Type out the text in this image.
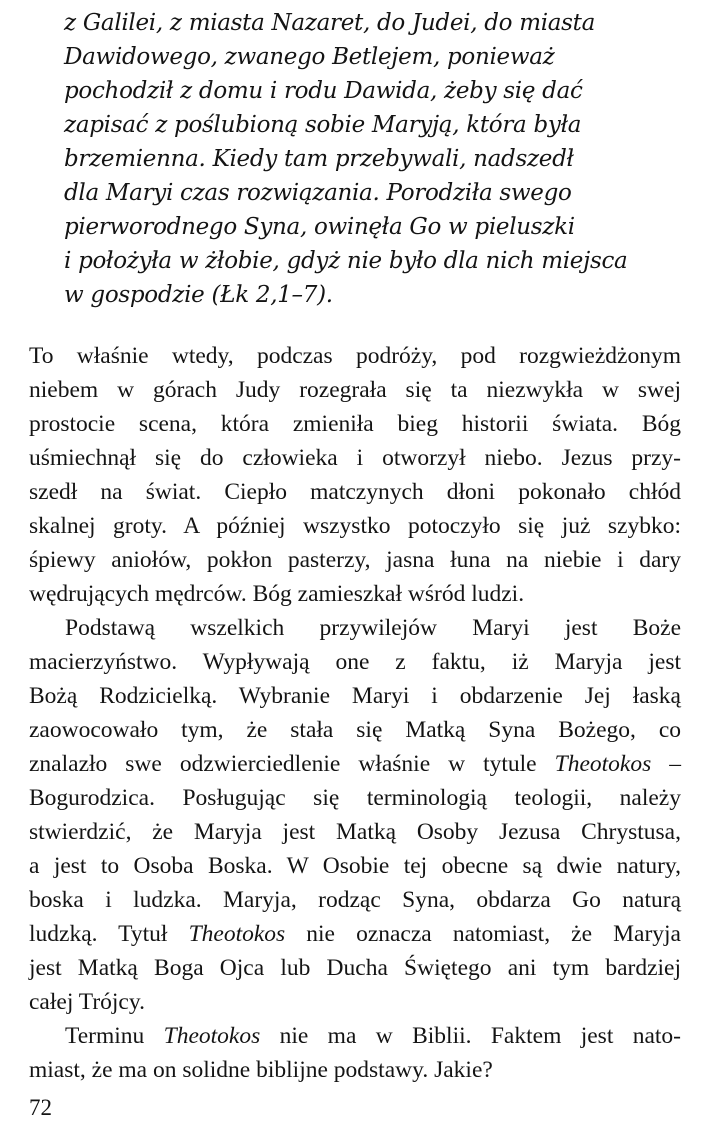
z Galilei, z miasta Nazaret, do Judei, do miasta
Dawidowego, zwanego Betlejem, ponieważ
pochodził z domu i rodu Dawida, żeby się dać
zapisać z poślubioną sobie Maryją, która była
brzemienna. Kiedy tam przebywali, nadszedł
dla Maryi czas rozwiązania. Porodziła swego
pierworodnego Syna, owinęła Go w pieluszki
i położyła w żłobie, gdyż nie było dla nich miejsca
w gospodzie (Łk 2,1–7).
To właśnie wtedy, podczas podróży, pod rozgwieżdżonym
niebem w górach Judy rozegrała się ta niezwykła w swej
prostocie scena, która zmieniła bieg historii świata. Bóg
uśmiechnął się do człowieka i otworzył niebo. Jezus przy-
szedł na świat. Ciepło matczynych dłoni pokonało chłód
skalnej groty. A później wszystko potoczyło się już szybko:
śpiewy aniołów, pokłon pasterzy, jasna łuna na niebie i dary
wędrujących mędrców. Bóg zamieszkał wśród ludzi.
Podstawą wszelkich przywilejów Maryi jest Boże
macierzyństwo. Wypływają one z faktu, iż Maryja jest
Bożą Rodzicielką. Wybranie Maryi i obdarzenie Jej łaską
zaowocowało tym, że stała się Matką Syna Bożego, co
znalazło swe odzwierciedlenie właśnie w tytule Theotokos –
Bogurodzica. Posługując się terminologią teologii, należy
stwierdzić, że Maryja jest Matką Osoby Jezusa Chrystusa,
a jest to Osoba Boska. W Osobie tej obecne są dwie natury,
boska i ludzka. Maryja, rodząc Syna, obdarza Go naturą
ludzką. Tytuł Theotokos nie oznacza natomiast, że Maryja
jest Matką Boga Ojca lub Ducha Świętego ani tym bardziej
całej Trójcy.
Terminu Theotokos nie ma w Biblii. Faktem jest nato-
miast, że ma on solidne biblijne podstawy. Jakie?
72
